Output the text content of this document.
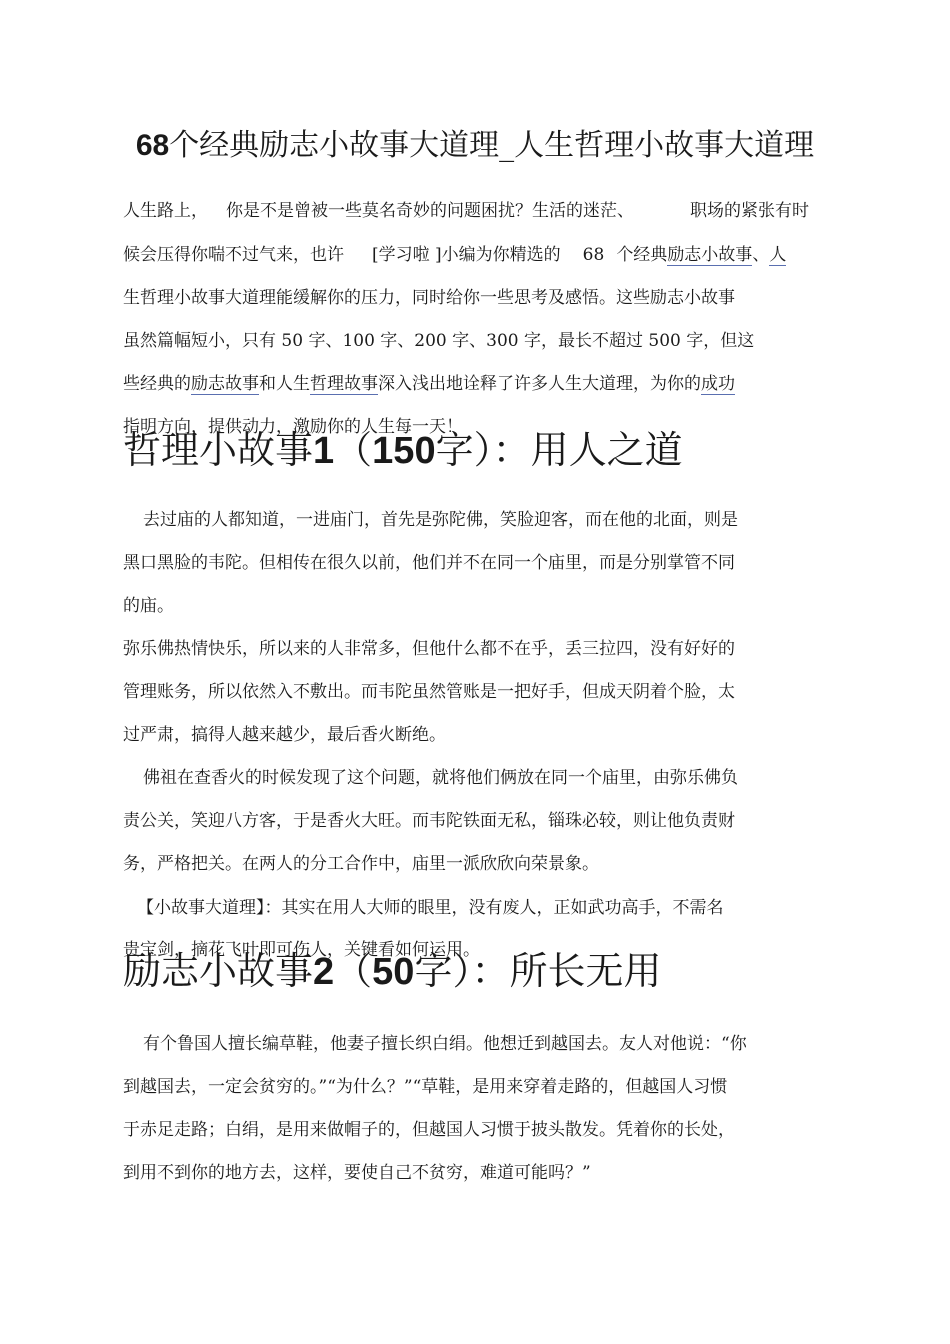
68个经典励志小故事大道理_人生哲理小故事大道理
人生路上， 你是不是曾被一些莫名奇妙的问题困扰？生活的迷茫、	职场的紧张有时
候会压得你喘不过气来，也许 [学习啦 ]小编为你精选的 68 个经典励志小故事、人
生哲理小故事大道理能缓解你的压力，同时给你一些思考及感悟。这些励志小故事
虽然篇幅短小，只有 50 字、100 字、200 字、300 字，最长不超过 500 字，但这
些经典的励志故事和人生哲理故事深入浅出地诠释了许多人生大道理，为你的成功
指明方向，提供动力，激励你的人生每一天！
哲理小故事1（150字）：用人之道
去过庙的人都知道，一进庙门，首先是弥陀佛，笑脸迎客，而在他的北面，则是
黑口黑脸的韦陀。但相传在很久以前，他们并不在同一个庙里，而是分别掌管不同
的庙。
弥乐佛热情快乐，所以来的人非常多，但他什么都不在乎，丢三拉四，没有好好的
管理账务，所以依然入不敷出。而韦陀虽然管账是一把好手，但成天阴着个脸，太
过严肃，搞得人越来越少，最后香火断绝。
佛祖在查香火的时候发现了这个问题，就将他们俩放在同一个庙里，由弥乐佛负
责公关，笑迎八方客，于是香火大旺。而韦陀铁面无私，锱珠必较，则让他负责财
务，严格把关。在两人的分工合作中，庙里一派欣欣向荣景象。
【小故事大道理】：其实在用人大师的眼里，没有废人，正如武功高手，不需名
贵宝剑，摘花飞叶即可伤人，关键看如何运用。
励志小故事2（50字）：所长无用
有个鲁国人擅长编草鞋，他妻子擅长织白绢。他想迁到越国去。友人对他说：“你
到越国去，一定会贫穷的。”“为什么？”“草鞋，是用来穿着走路的，但越国人习惯
于赤足走路；白绢，是用来做帽子的，但越国人习惯于披头散发。凭着你的长处，
到用不到你的地方去，这样，要使自己不贫穷，难道可能吗？”
